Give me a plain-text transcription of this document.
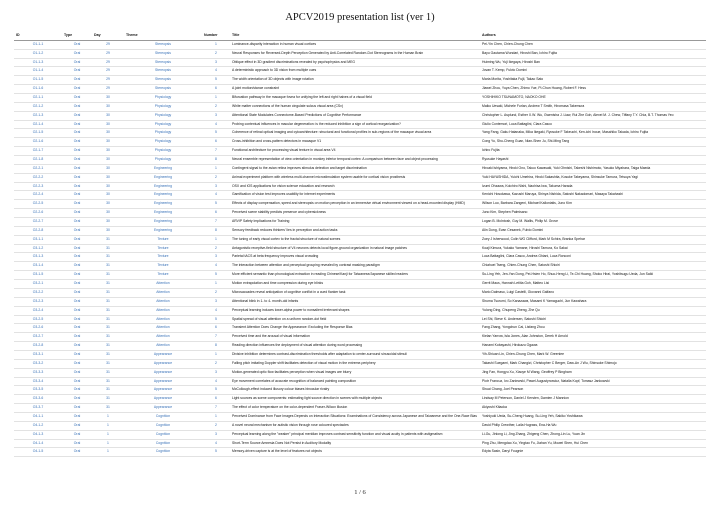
APCV2019 presentation list (ver 1)
ID	Type	Day	Theme	Number	Title	Authors
O1-1-1	Oral	29	Stereopsis	1	Luminance-disparity interaction in human visual cortices	Pei-Yin Chen, Chien-Chung Chen
O1-1-2	Oral	29	Stereopsis	2	Neural Responses for Reversed-Depth Perception Generated by Anti-Correlated Random-Dot Stereograms in the Human Brain	Bayu Gautama Wundari, Hiroshi Ban, Ichiro Fujita
O1-1-3	Oral	29	Stereopsis	3	Oblique effect in 3D gradient discriminations revealed by psychophysics and MEG	Huiming Wu, Yuji Ikegaya, Hiroshi Ban
O1-1-4	Oral	29	Stereopsis	4	A deterministic approach to 3D vision from multiple cues	Jovan T. Kemp, Fulvio Domini
O1-1-5	Oral	29	Stereopsis	5	The width orientation of 3D objects with image rotation	Maria Morita, Yoshitaka Fujii, Takao Sato
O1-1-6	Oral	29	Stereopsis	6	A joint motion/stance constraint	Jiawei Zhou, Yuya Chen, Zhimo Yue, Pi-Chun Huang, Robert F. Hess
O2-1-1	Oral	30	Physiology	1	Bifurcation pathway in the macaque fovea for unifying the left and right halves of a visual field	YOSHIHIKO TSUNAMOTO, NAOKO OHE
O2-1-2	Oral	30	Physiology	2	White matter connections of the human cingulate sulcus visual area (CSv)	Maiko Uesaki, Michele Furlan, Andrew T Smith, Hiromasa Takemura
O2-1-3	Oral	30	Physiology	3	Attentional State Modulates Connectome-Based Predictions of Cognitive Performance	Christopher L. Asplund, Esther X.W. Wu, Gwenisha J. Liaw, Rui Zhe Goh, Alexei M. J. Chew, Tiffany T.Y. Chia, B.T. Thomas Yeo
O2-1-4	Oral	30	Physiology	4	Probing contextual influences in macular degeneration: is the reduced inhibition a sign of cortical reorganization?	Giulio Contemori, Luca Battaglini, Clara Casco
O2-1-5	Oral	30	Physiology	5	Coherence of retinal optical imaging and cytoarchitecture: structural and functional profiles in sub-regions of the macaque visual area	Yang Fang, Gaku Hatanaka, Mika Ikegaki, Ryosuke F Takeuchi, Ken-ichi Inoue, Masahiko Takada, Ichiro Fujita
O2-1-6	Oral	30	Physiology	6	Cross-inhibition and cross-pattern detectors in macaque V1	Cong Yu, Shu-Cheng Guan, Nian-Shen Ju, Shi-Ming Tang
O2-1-7	Oral	30	Physiology	7	Functional architecture for processing visual texture in visual area V4	Ichiro Fujita
O2-1-8	Oral	30	Physiology	8	Neural ensemble representation of view orientation in monkey inferior temporal cortex: A comparison between face and object processing	Ryusuke Hayashi
O2-2-1	Oral	30	Engineering	1	Contingent signal to the avian retina improves stimulus detection and target discrimination	Hiroaki Ishiyama, Hiroki Ono, Takuo Kawasaki, Yuki Ohnishi, Takeshi Nishimoto, Yasuko Miyahara, Taiga Maeda
O2-2-2	Oral	30	Engineering	2	Animal experiment platform with wireless multi-channel microstimulation system usable for cortical vision prosthesis	Yuki HAYASHIDA, Yuichi Umehira, Hiroki Sakashita, Kosuke Takeyama, Shinsuke Tamura, Tetsuya Yagi
O2-2-3	Oral	30	Engineering	3	OSX and iOS applications for vision science education and research	Izumi Ohzawa, Koichiro Nishi, Naohisa Iwa, Takuma Harada
O2-2-4	Oral	30	Engineering	4	Gamification of vision test improves usability for internet experiments	Kenichi Hosokawa, Kazushi Maruya, Shinya Nishida, Satoshi Nakadomari, Masaya Takahashi
O2-2-5	Oral	30	Engineering	5	Effects of display compensation, speed and stereopsis on motion perception in an immersive virtual environment viewed on a head-mounted display (HMD)	Wilson Luo, Barbara Zangeni, Michael Kalloniatis, Juno Kim
O2-2-6	Oral	30	Engineering	6	Perceived scene stability predicts presence and cybersickness	Juno Kim, Stephen Palmisano
O2-2-7	Oral	30	Engineering	7	ARVIP Safety Implications for Training	Logan B. McIntosh, Guy M. Wallis, Philip M. Grove
O2-2-8	Oral	30	Engineering	8	Sensory feedback reduces thinkers' lies in perception and action tasks	Alin Dong, Evan Cesanek, Fulvio Domini
O3-1-1	Oral	31	Texture	1	The tuning of early visual cortex to the fractal structure of natural scenes	Zoey J Isherwood, Colin WG Clifford, Mark M Schira, Branka Spehar
O3-1-2	Oral	31	Texture	2	Antagonistic receptive-field structure of V4 neurons detects local figure-ground organization in natural image patches	Koaji Kimura, Yukako Yamane, Hiroshi Tamura, Ko Sakai
O3-1-3	Oral	31	Texture	3	Parietal tACS at beta frequency improves visual crowding	Luca Battaglini, Clara Casco, Andrea Ghiani, Luca Ronconi
O3-1-4	Oral	31	Texture	4	The interaction between attention and perceptual grouping revealed by contrast masking paradigm	Chiahuei Tseng, Chien-Chung Chen, Satoshi Shioiri
O3-1-5	Oral	31	Texture	5	More efficient semantic than phonological extraction in reading Chinese/Kanji for Taiwanese/Japanese skilled readers	Su-Ling Yeh, Jen-Yan Dong, Pei-Hsien Ho, Shuo-Heng Li, Te-Chi Huang, Shoko Hirai, Yoshitsugu Ueda, Jun Saiki
O3-2-1	Oral	31	Attention	1	Motion extrapolation and time compression during eye blinks	Gerrit Maus, Hannah Letitia Goh, Matteo Lisi
O3-2-2	Oral	31	Attention	2	Microsaccades reveal anticipation of cognitive conflict in a cued flanker task	Mario Dalmaso, Luigi Castelli, Giovanni Galfano
O3-2-3	Oral	31	Attention	3	Attentional blink in 1- to 4- month-old infants	Shuma Tsurumi, So Kanazawa, Masami K Yamaguchi, Jun Kawahara
O3-2-4	Oral	31	Attention	4	Perceptual learning induces lower-alpha power to nonsalient irrelevant shapes	Yulong Ding, Chupeng Zheng, Zhe Qu
O3-2-5	Oral	31	Attention	5	Spatial spread of visual attention on a uniform random-dot field	Lei Shi, Steve K. Andersen, Satoshi Shioiri
O3-2-6	Oral	31	Attention	6	Transient Attention Does Change the Appearance: Excluding the Response Bias	Fang Zhang, Yongchun Cai, Lisfang Zhou
O3-2-7	Oral	31	Attention	7	Perceived time and the arousal of visual information	Kielan Yarrow, Isla Jones, Alan Johnston, Derek H Arnold
O3-2-8	Oral	31	Attention	8	Reading direction influences the deployment of visual attention during word processing	Hanami Kobayashi, Hirokazu Ogawa
O3-3-1	Oral	31	Appearance	1	Divisive inhibition determines contrast-discrimination thresholds after adaptation to center-surround sinusoidal stimuli	Yih-Shiuan Lin, Chien-Chung Chen, Mark W. Greenlee
O3-3-2	Oral	31	Appearance	2	Falling pitch imitating Doppler shift facilitates detection of visual motion in the extreme-periphery	Takashi Suegami, Mark Changizi, Christopher C Berger, Daw-An J Wu, Shinsuke Shimojo
O3-3-3	Oral	31	Appearance	3	Motion-generated optic flow facilitates perception when visual images are blurry	Jing Fan, Hongyu Xu, Xiaoye M Wang, Geoffrey P Bingham
O3-3-4	Oral	31	Appearance	4	Eye movement correlates of accurate recognition of balanced painting composition	Piotr Francuz, Ivo Zaniewski, Pawel Augustynowicz, Natalia Kopf, Tomasz Jankowski
O3-3-5	Oral	31	Appearance	5	McCollough-effect induced illusory colour biases binocular rivalry	Shuai Chang, Joel Pearson
O3-3-6	Oral	31	Appearance	6	Light sources as scene components: estimating light source direction in scenes with multiple objects	Lindsay M Peterson, Daniel J Kersten, Damien J Mannion
O3-3-7	Oral	31	Appearance	7	The effect of color temperature on the color-dependent Fraser-Wilcox illusion	Akiyoshi Kitaoka
O4-1-1	Oral	1	Cognition	1	Perceived Dominance from Face Images Depends on Interaction Situations: Examinations of Consistency across Japanese and Taiwanese and the One-Race Bias	Yoshiyuki Ueda, Su-Cheng Huang, Su-Ling Yeh, Sakiko Yoshikawa
O4-1-2	Oral	1	Cognition	2	A novel neural mechanism for autistic vision through rose coloured spectacles	David Philip Crewther, Laila Hugrass, Ena-Ha Wu
O4-1-3	Oral	1	Cognition	3	Perceptual learning along the "weaker" principal meridian improves contrast sensitivity function and visual acuity in patients with astigmatism	Li-Gu, Jinlong Li, Jing Zhang, Zhigeng Chen, Zhong-Lin Lu, Yuan Jin
O4-1-4	Oral	1	Cognition	4	Short-Term Source Amnesia Does Not Persist in Auditory Modality	Ping Zhu, Mengdao Xu, Yingtao Fu, Jiahan Yu, Mowei Shen, Hui Chen
O4-1-5	Oral	1	Cognition	5	Memory-driven capture is at the level of features not objects	Edyta Sasin, Daryl Fougnie
1 / 6
